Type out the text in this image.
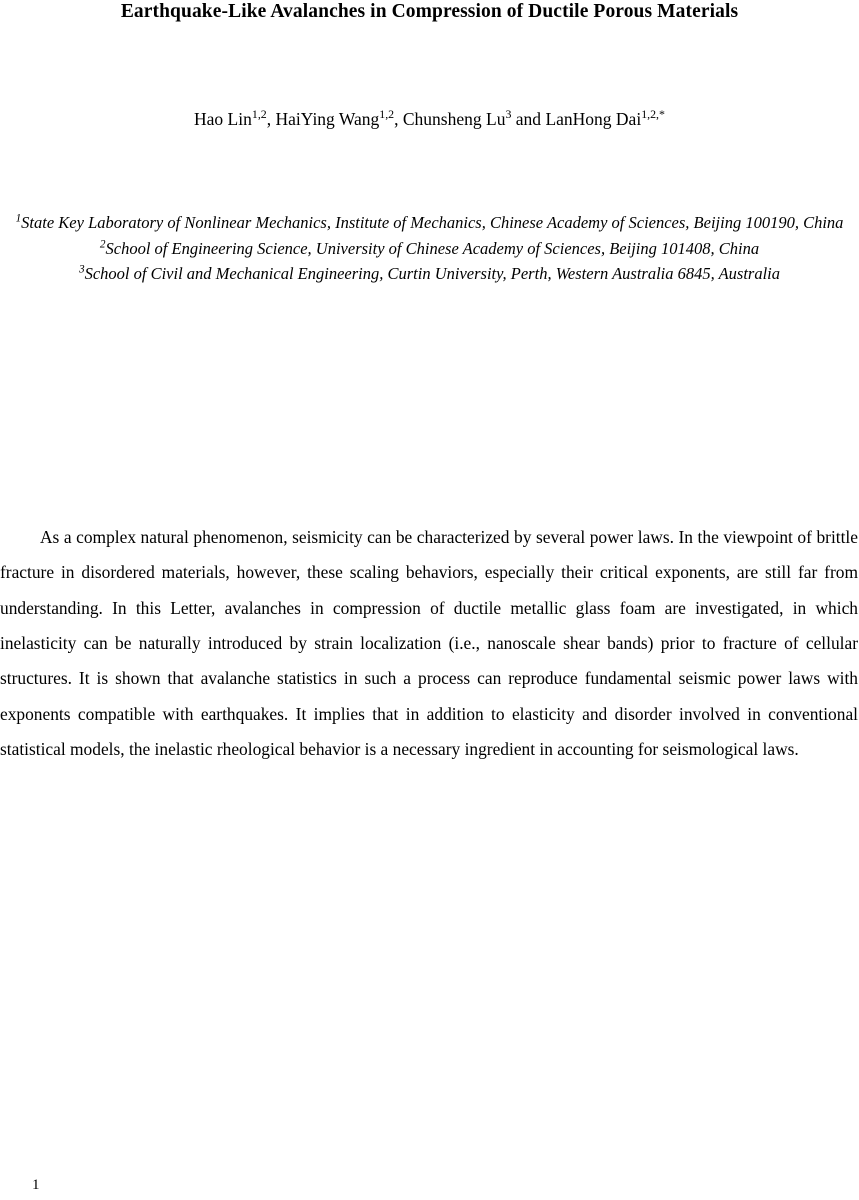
Earthquake-Like Avalanches in Compression of Ductile Porous Materials
Hao Lin$^{1,2}$, HaiYing Wang$^{1,2}$, Chunsheng Lu$^3$ and LanHong Dai$^{1,2,*}$
$^1$State Key Laboratory of Nonlinear Mechanics, Institute of Mechanics, Chinese Academy of Sciences, Beijing 100190, China
$^2$School of Engineering Science, University of Chinese Academy of Sciences, Beijing 101408, China
$^3$School of Civil and Mechanical Engineering, Curtin University, Perth, Western Australia 6845, Australia
As a complex natural phenomenon, seismicity can be characterized by several power laws. In the viewpoint of brittle fracture in disordered materials, however, these scaling behaviors, especially their critical exponents, are still far from understanding. In this Letter, avalanches in compression of ductile metallic glass foam are investigated, in which inelasticity can be naturally introduced by strain localization (i.e., nanoscale shear bands) prior to fracture of cellular structures. It is shown that avalanche statistics in such a process can reproduce fundamental seismic power laws with exponents compatible with earthquakes. It implies that in addition to elasticity and disorder involved in conventional statistical models, the inelastic rheological behavior is a necessary ingredient in accounting for seismological laws.
1
